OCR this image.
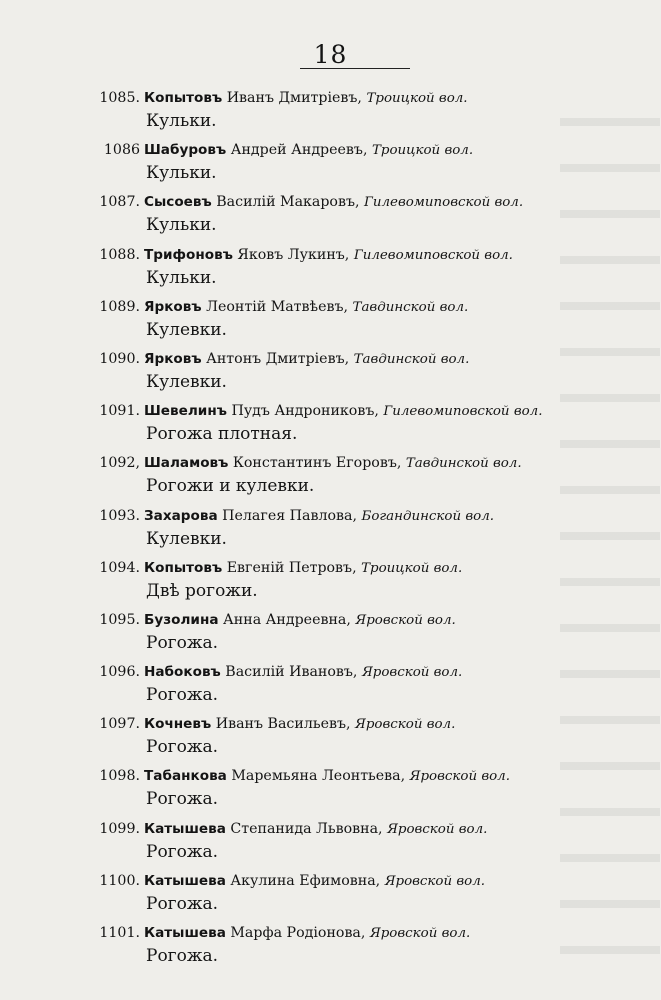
18
1085. Копытовъ Иванъ Дмитріевъ, Троицкой вол.
Кульки.
1086 Шабуровъ Андрей Андреевъ, Троицкой вол.
Кульки.
1087. Сысоевъ Василій Макаровъ, Гилевомиповской вол.
Кульки.
1088. Трифоновъ Яковъ Лукинъ, Гилевомиповской вол.
Кульки.
1089. Ярковъ Леонтій Матвѣевъ, Тавдинской вол.
Кулевки.
1090. Ярковъ Антонъ Дмитріевъ, Тавдинской вол.
Кулевки.
1091. Шевелинъ Пудъ Андрониковъ, Гилевомиповской вол.
Рогожа плотная.
1092, Шаламовъ Константинъ Егоровъ, Тавдинской вол.
Рогожи и кулевки.
1093. Захарова Пелагея Павлова, Богандинской вол.
Кулевки.
1094. Копытовъ Евгеній Петровъ, Троицкой вол.
Двѣ рогожи.
1095. Бузолина Анна Андреевна, Яровской вол.
Рогожа.
1096. Набоковъ Василій Ивановъ, Яровской вол.
Рогожа.
1097. Кочневъ Иванъ Васильевъ, Яровской вол.
Рогожа.
1098. Табанкова Маремьяна Леонтьева, Яровской вол.
Рогожа.
1099. Катышева Степанида Львовна, Яровской вол.
Рогожа.
1100. Катышева Акулина Ефимовна, Яровской вол.
Рогожа.
1101. Катышева Марфа Родіонова, Яровской вол.
Рогожа.
